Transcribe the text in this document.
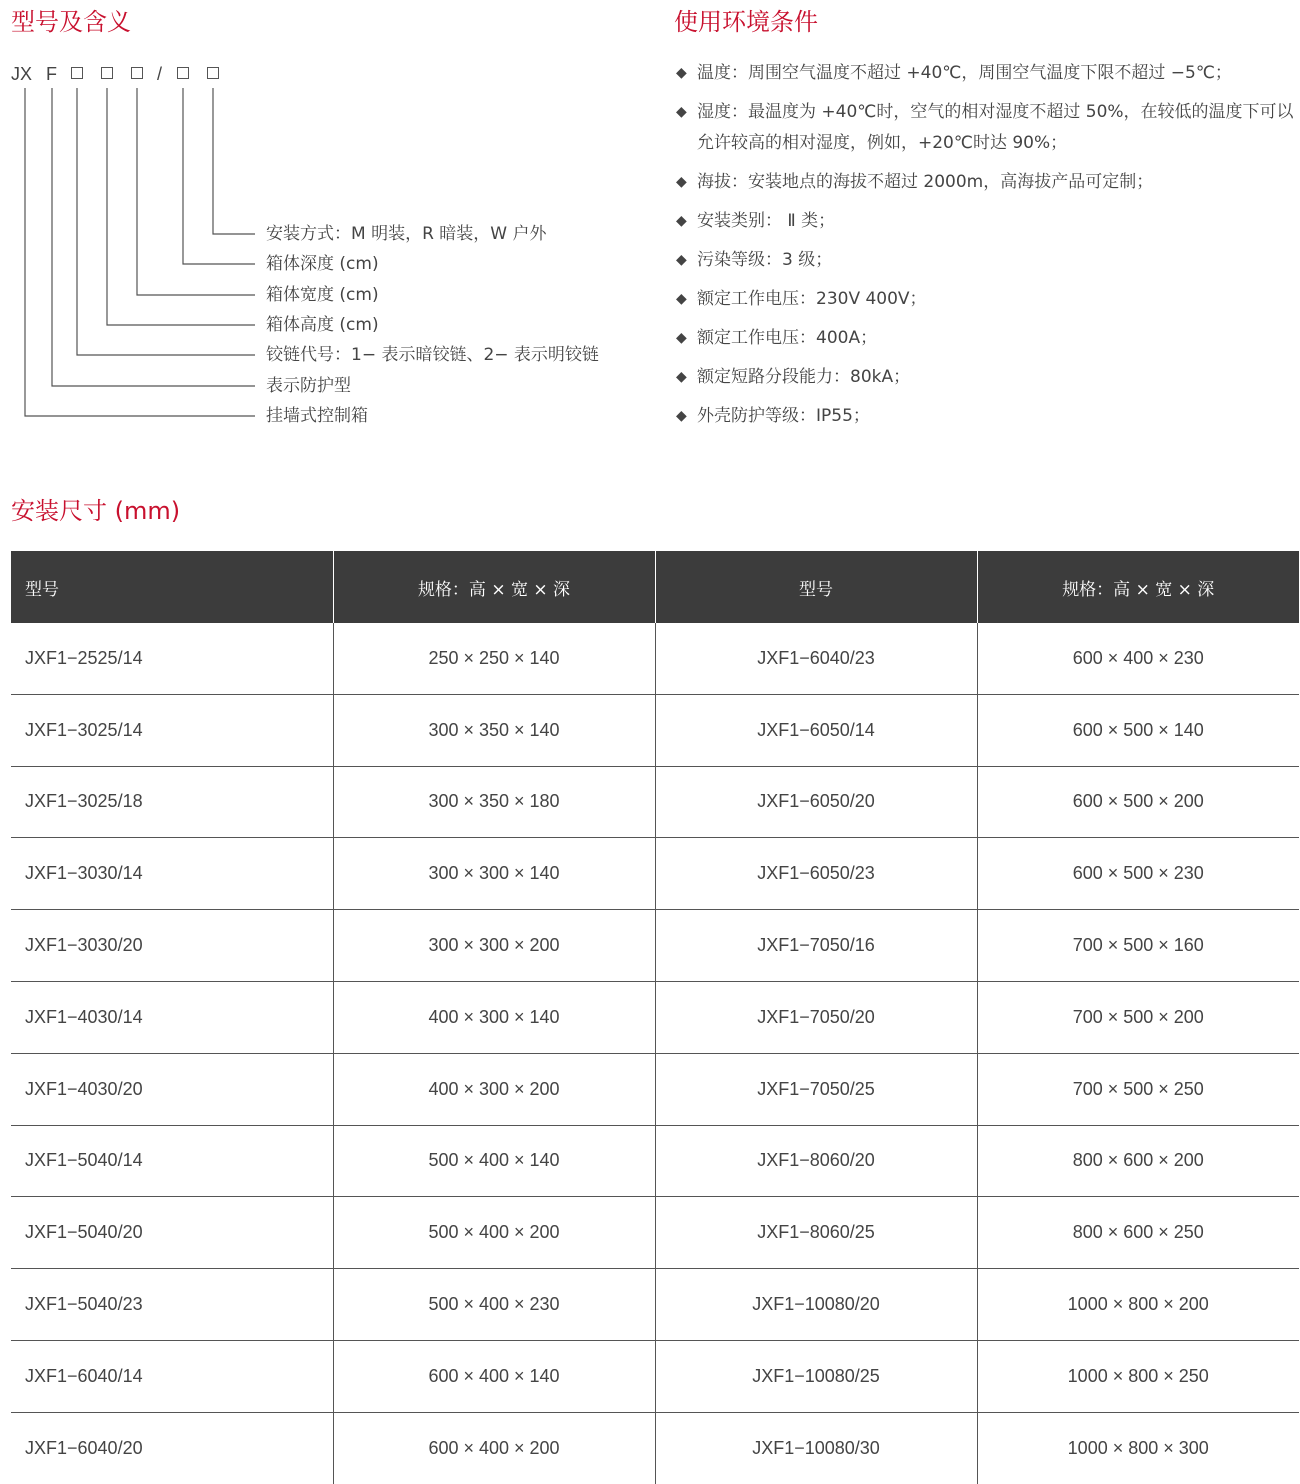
型号及含义
JX F	/
安装方式：M 明装，R 暗装，W 户外
箱体深度 (cm)
箱体宽度 (cm)
箱体高度 (cm)
铰链代号：1− 表示暗铰链、2− 表示明铰链
表示防护型
挂墙式控制箱
使用环境条件
◆ 温度：周围空气温度不超过 +40℃，周围空气温度下限不超过 −5℃；
◆ 湿度：最温度为 +40℃时，空气的相对湿度不超过 50%，在较低的温度下可以允许较高的相对湿度，例如，+20℃时达 90%；
◆ 海拔：安装地点的海拔不超过 2000m，高海拔产品可定制；
◆ 安装类别： Ⅱ 类；
◆ 污染等级：3 级；
◆ 额定工作电压：230V 400V；
◆ 额定工作电压：400A；
◆ 额定短路分段能力：80kA；
◆ 外壳防护等级：IP55；
安装尺寸 (mm)
型号	规格：高 × 宽 × 深	型号	规格：高 × 宽 × 深
JXF1−2525/14	250 × 250 × 140	JXF1−6040/23	600 × 400 × 230
JXF1−3025/14	300 × 350 × 140	JXF1−6050/14	600 × 500 × 140
JXF1−3025/18	300 × 350 × 180	JXF1−6050/20	600 × 500 × 200
JXF1−3030/14	300 × 300 × 140	JXF1−6050/23	600 × 500 × 230
JXF1−3030/20	300 × 300 × 200	JXF1−7050/16	700 × 500 × 160
JXF1−4030/14	400 × 300 × 140	JXF1−7050/20	700 × 500 × 200
JXF1−4030/20	400 × 300 × 200	JXF1−7050/25	700 × 500 × 250
JXF1−5040/14	500 × 400 × 140	JXF1−8060/20	800 × 600 × 200
JXF1−5040/20	500 × 400 × 200	JXF1−8060/25	800 × 600 × 250
JXF1−5040/23	500 × 400 × 230	JXF1−10080/20	1000 × 800 × 200
JXF1−6040/14	600 × 400 × 140	JXF1−10080/25	1000 × 800 × 250
JXF1−6040/20	600 × 400 × 200	JXF1−10080/30	1000 × 800 × 300
